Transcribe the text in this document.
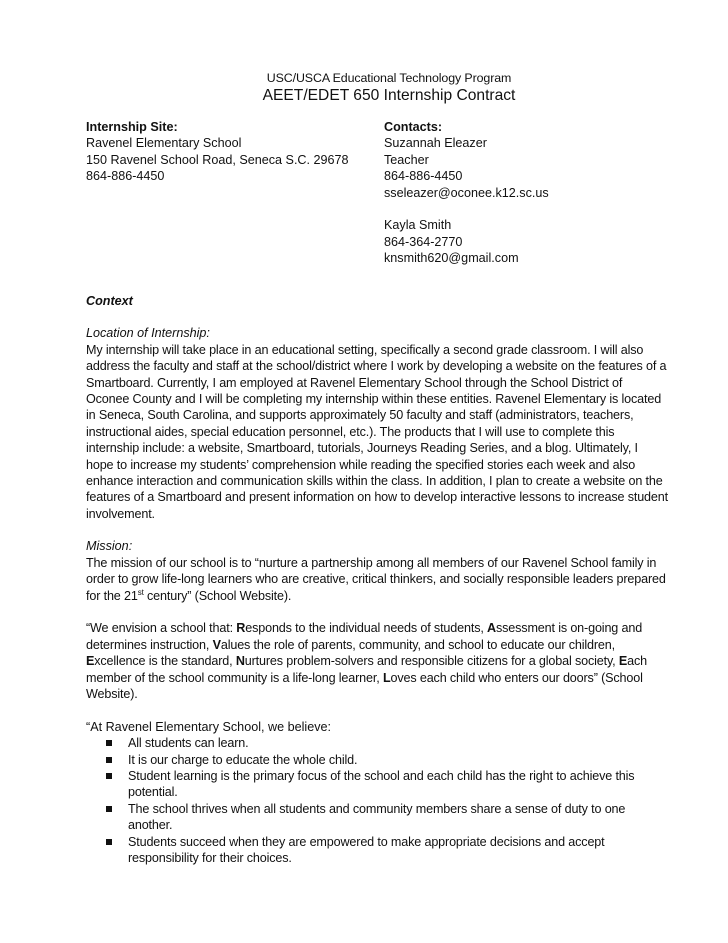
USC/USCA Educational Technology Program
AEET/EDET 650 Internship Contract
Internship Site:
Ravenel Elementary School
150 Ravenel School Road, Seneca S.C. 29678
864-886-4450
Contacts:
Suzannah Eleazer
Teacher
864-886-4450
sseleazer@oconee.k12.sc.us
Kayla Smith
864-364-2770
knsmith620@gmail.com
Context
Location of Internship:
My internship will take place in an educational setting, specifically a second grade classroom. I will also
address the faculty and staff at the school/district where I work by developing a website on the features of a
Smartboard. Currently, I am employed at Ravenel Elementary School through the School District of
Oconee County and I will be completing my internship within these entities. Ravenel Elementary is located
in Seneca, South Carolina, and supports approximately 50 faculty and staff (administrators, teachers,
instructional aides, special education personnel, etc.). The products that I will use to complete this
internship include: a website, Smartboard, tutorials, Journeys Reading Series, and a blog. Ultimately, I
hope to increase my students’ comprehension while reading the specified stories each week and also
enhance interaction and communication skills within the class. In addition, I plan to create a website on the
features of a Smartboard and present information on how to develop interactive lessons to increase student
involvement.
Mission:
The mission of our school is to “nurture a partnership among all members of our Ravenel School family in
order to grow life-long learners who are creative, critical thinkers, and socially responsible leaders prepared
for the 21st century” (School Website).
“We envision a school that: Responds to the individual needs of students, Assessment is on-going and
determines instruction, Values the role of parents, community, and school to educate our children,
Excellence is the standard, Nurtures problem-solvers and responsible citizens for a global society, Each
member of the school community is a life-long learner, Loves each child who enters our doors” (School
Website).
“At Ravenel Elementary School, we believe:
All students can learn.
It is our charge to educate the whole child.
Student learning is the primary focus of the school and each child has the right to achieve this
potential.
The school thrives when all students and community members share a sense of duty to one
another.
Students succeed when they are empowered to make appropriate decisions and accept
responsibility for their choices.
